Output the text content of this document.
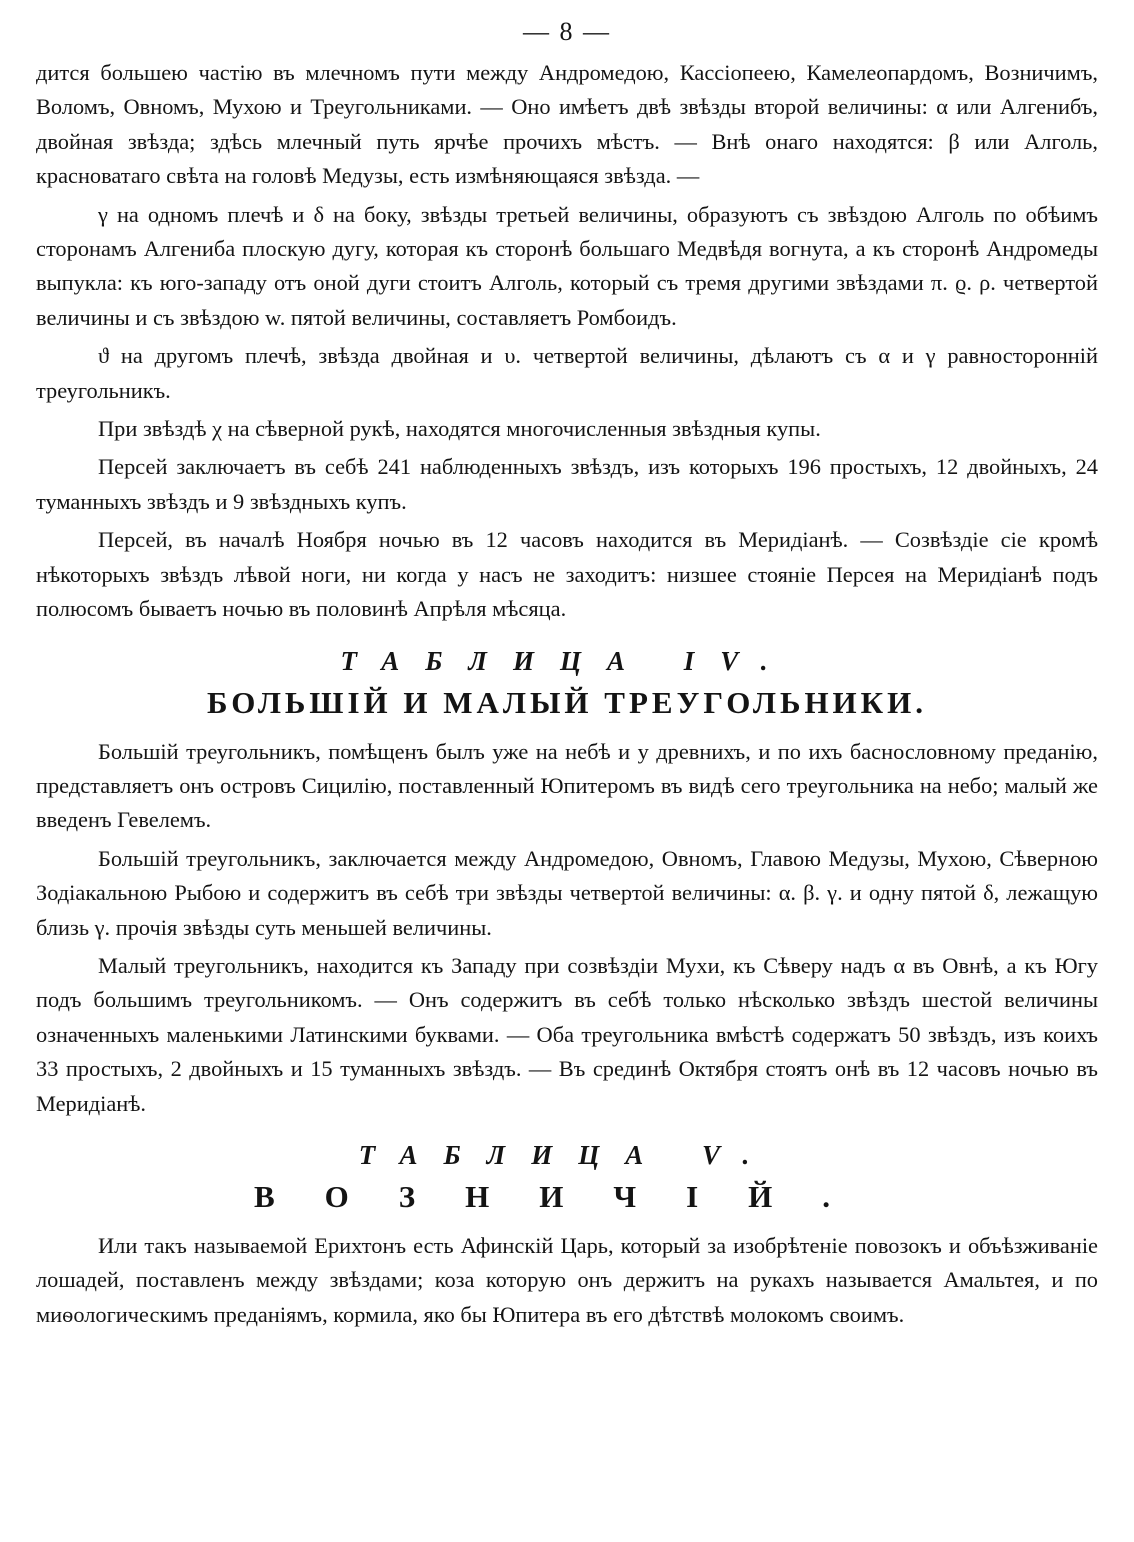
— 8 —

дится большею частію въ млечномъ пути между Андромедою, Кассіопеею, Камелеопардомъ, Возничимъ, Воломъ, Овномъ, Мухою и Треугольниками. — Оно имѣетъ двѣ звѣзды второй величины: α или Алгенибъ, двойная звѣзда; здѣсь млечный путь ярчѣе прочихъ мѣстъ. — Внѣ онаго находятся: β или Алголь, красноватаго свѣта на головѣ Медузы, есть измѣняющаяся звѣзда. —

γ на одномъ плечѣ и δ на боку, звѣзды третьей величины, образуютъ съ звѣздою Алголь по обѣимъ сторонамъ Алгениба плоскую дугу, которая къ сторонѣ большаго Медвѣдя вогнута, а къ сторонѣ Андромеды выпукла: къ юго-западу отъ оной дуги стоитъ Алголь, который съ тремя другими звѣздами π. ϱ. ρ. четвертой величины и съ звѣздою w. пятой величины, составляетъ Ромбоидъ.

ϑ на другомъ плечѣ, звѣзда двойная и υ. четвертой величины, дѣлаютъ съ α и γ равностороннiй треугольникъ.

При звѣздѣ χ на сѣверной рукѣ, находятся многочисленныя звѣздныя купы.

Персей заключаетъ въ себѣ 241 наблюденныхъ звѣздъ, изъ которыхъ 196 простыхъ, 12 двойныхъ, 24 туманныхъ звѣздъ и 9 звѣздныхъ купъ.

Персей, въ началѣ Ноября ночью въ 12 часовъ находится въ Меридіанѣ. — Созвѣздіе сіе кромѣ нѣкоторыхъ звѣздъ лѣвой ноги, ни когда у насъ не заходитъ: низшее стояніе Персея на Меридіанѣ подъ полюсомъ бываетъ ночью въ половинѣ Апрѣля мѣсяца.

ТАБЛИЦА IV.
БОЛЬШIЙ И МАЛЫЙ ТРЕУГОЛЬНИКИ.

Большiй треугольникъ, помѣщенъ былъ уже на небѣ и у древнихъ, и по ихъ баснословному преданію, представляетъ онъ островъ Сицилію, поставленный Юпитеромъ въ видѣ сего треугольника на небо; малый же введенъ Гевелемъ.

Большiй треугольникъ, заключается между Андромедою, Овномъ, Главою Медузы, Мухою, Сѣверною Зодіакальною Рыбою и содержитъ въ себѣ три звѣзды четвертой величины: α. β. γ. и одну пятой δ, лежащую близь γ. прочія звѣзды суть меньшей величины.

Малый треугольникъ, находится къ Западу при созвѣздіи Мухи, къ Сѣверу надъ α въ Овнѣ, а къ Югу подъ большимъ треугольникомъ. — Онъ содержитъ въ себѣ только нѣсколько звѣздъ шестой величины означенныхъ маленькими Латинскими буквами. — Оба треугольника вмѣстѣ содержатъ 50 звѣздъ, изъ коихъ 33 простыхъ, 2 двойныхъ и 15 туманныхъ звѣздъ. — Въ срединѣ Октября стоятъ онѣ въ 12 часовъ ночью въ Меридіанѣ.

ТАБЛИЦА V.
ВОЗНИЧIЙ.

Или такъ называемой Ерихтонъ есть Афинскiй Царь, который за изобрѣтеніе повозокъ и объѣзживаніе лошадей, поставленъ между звѣздами; коза которую онъ держитъ на рукахъ называется Амальтея, и по миѳологическимъ преданіямъ, кормила, яко бы Юпитера въ его дѣтствѣ молокомъ своимъ.
